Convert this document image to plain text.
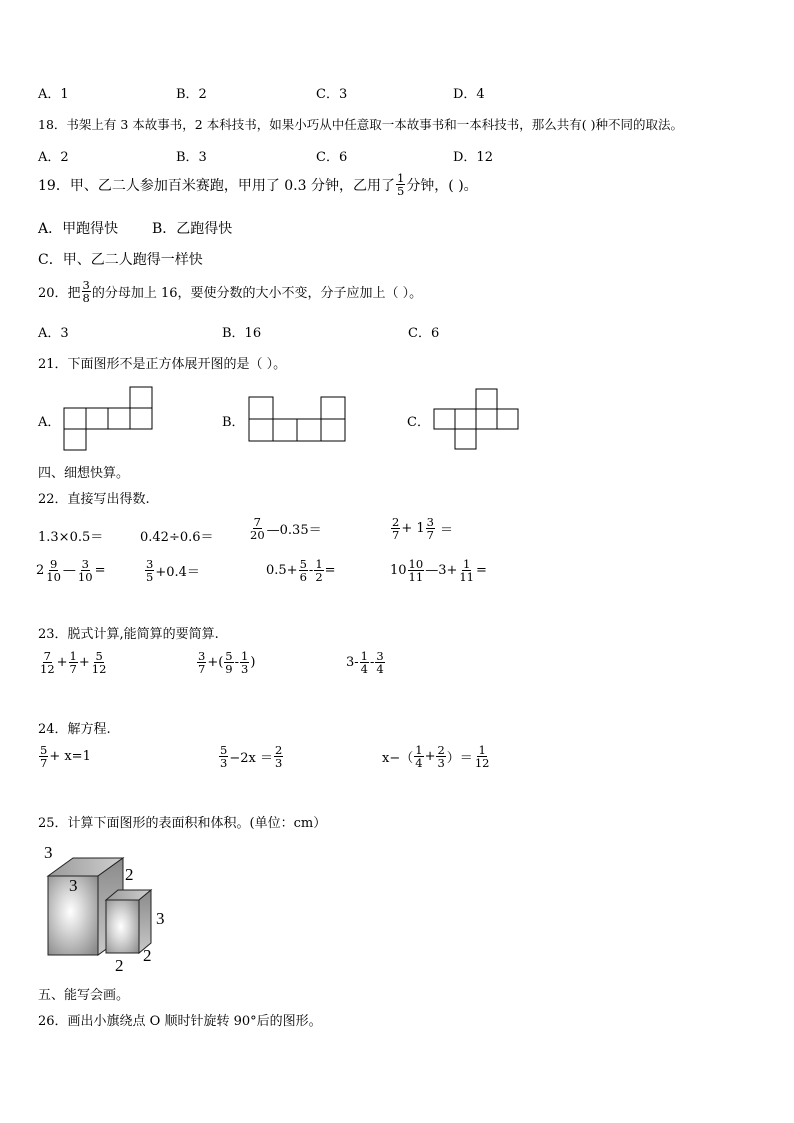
A．1	B．2	C．3	D．4
18．书架上有 3 本故事书，2 本科技书，如果小巧从中任意取一本故事书和一本科技书，那么共有( )种不同的取法。
A．2	B．3	C．6	D．12
19．甲、乙二人参加百米赛跑，甲用了 0.3 分钟，乙用了 $\frac{1}{5}$ 分钟，( )。
A．甲跑得快 B．乙跑得快
C．甲、乙二人跑得一样快
20．把 $\frac{3}{8}$ 的分母加上 16，要使分数的大小不变，分子应加上（ ）。
A．3	B．16	C．6
21．下面图形不是正方体展开图的是（ ）。
A．	B．	C．
四、细想快算。
22．直接写出得数.
1.3×0.5＝	0.42÷0.6＝	$\frac{7}{20}$ —0.35＝	$\frac{2}{7} + 1 \frac{3}{7}$ ＝
$2 \frac{9}{10}$ — $\frac{3}{10}$ =	$\frac{3}{5} +0.4=$	$0.5+ \frac{5}{6} - \frac{1}{2}$ =	$10 \frac{10}{11}$ —3+ $\frac{1}{11}$ =
23．脱式计算,能简算的要简算.
$\frac{7}{12} + \frac{1}{7} + \frac{5}{12}$	$\frac{3}{7}$ +( $\frac{5}{9} - \frac{1}{3}$ )	$3- \frac{1}{4} - \frac{3}{4}$
24．解方程.
$\frac{5}{7} + x=1$	$\frac{5}{3} -2x = \frac{2}{3}$	$x-( \frac{1}{4} + \frac{2}{3}$ ）＝ $\frac{1}{12}$
25．计算下面图形的表面积和体积。(单位：cm）
3
3
2
3
2
2
五、能写会画。
26．画出小旗绕点 O 顺时针旋转 90°后的图形。
